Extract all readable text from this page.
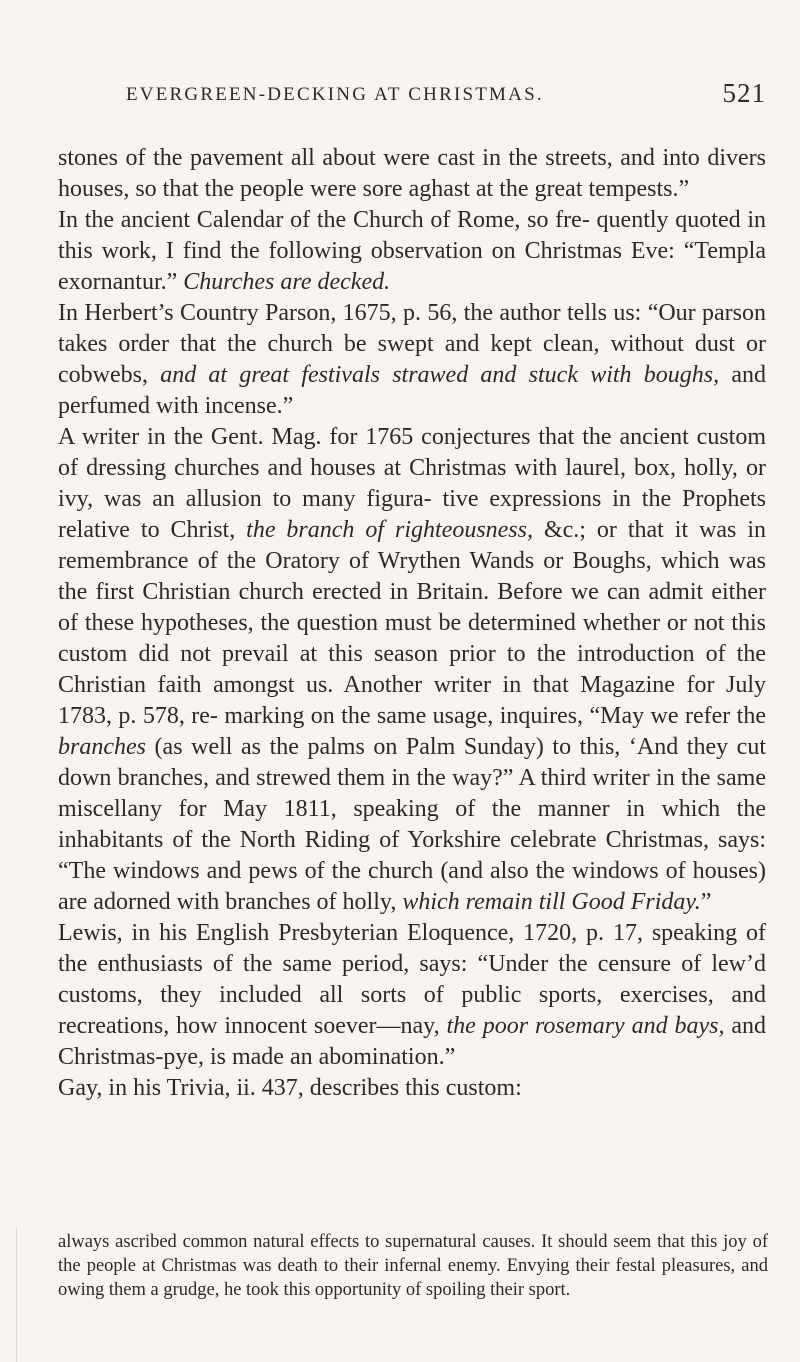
EVERGREEN-DECKING AT CHRISTMAS.	521

stones of the pavement all about were cast in the streets, and into divers houses, so that the people were sore aghast at the great tempests.”

In the ancient Calendar of the Church of Rome, so fre- quently quoted in this work, I find the following observation on Christmas Eve: “Templa exornantur.” Churches are decked.

In Herbert’s Country Parson, 1675, p. 56, the author tells us: “Our parson takes order that the church be swept and kept clean, without dust or cobwebs, and at great festivals strawed and stuck with boughs, and perfumed with incense.”

A writer in the Gent. Mag. for 1765 conjectures that the ancient custom of dressing churches and houses at Christmas with laurel, box, holly, or ivy, was an allusion to many figura- tive expressions in the Prophets relative to Christ, the branch of righteousness, &c.; or that it was in remembrance of the Oratory of Wrythen Wands or Boughs, which was the first Christian church erected in Britain. Before we can admit either of these hypotheses, the question must be determined whether or not this custom did not prevail at this season prior to the introduction of the Christian faith amongst us. Another writer in that Magazine for July 1783, p. 578, re- marking on the same usage, inquires, “May we refer the branches (as well as the palms on Palm Sunday) to this, ‘And they cut down branches, and strewed them in the way?” A third writer in the same miscellany for May 1811, speaking of the manner in which the inhabitants of the North Riding of Yorkshire celebrate Christmas, says: “The windows and pews of the church (and also the windows of houses) are adorned with branches of holly, which remain till Good Friday.”

Lewis, in his English Presbyterian Eloquence, 1720, p. 17, speaking of the enthusiasts of the same period, says: “Under the censure of lew’d customs, they included all sorts of public sports, exercises, and recreations, how innocent soever—nay, the poor rosemary and bays, and Christmas-pye, is made an abomination.”

Gay, in his Trivia, ii. 437, describes this custom:

always ascribed common natural effects to supernatural causes. It should seem that this joy of the people at Christmas was death to their infernal enemy. Envying their festal pleasures, and owing them a grudge, he took this opportunity of spoiling their sport.
